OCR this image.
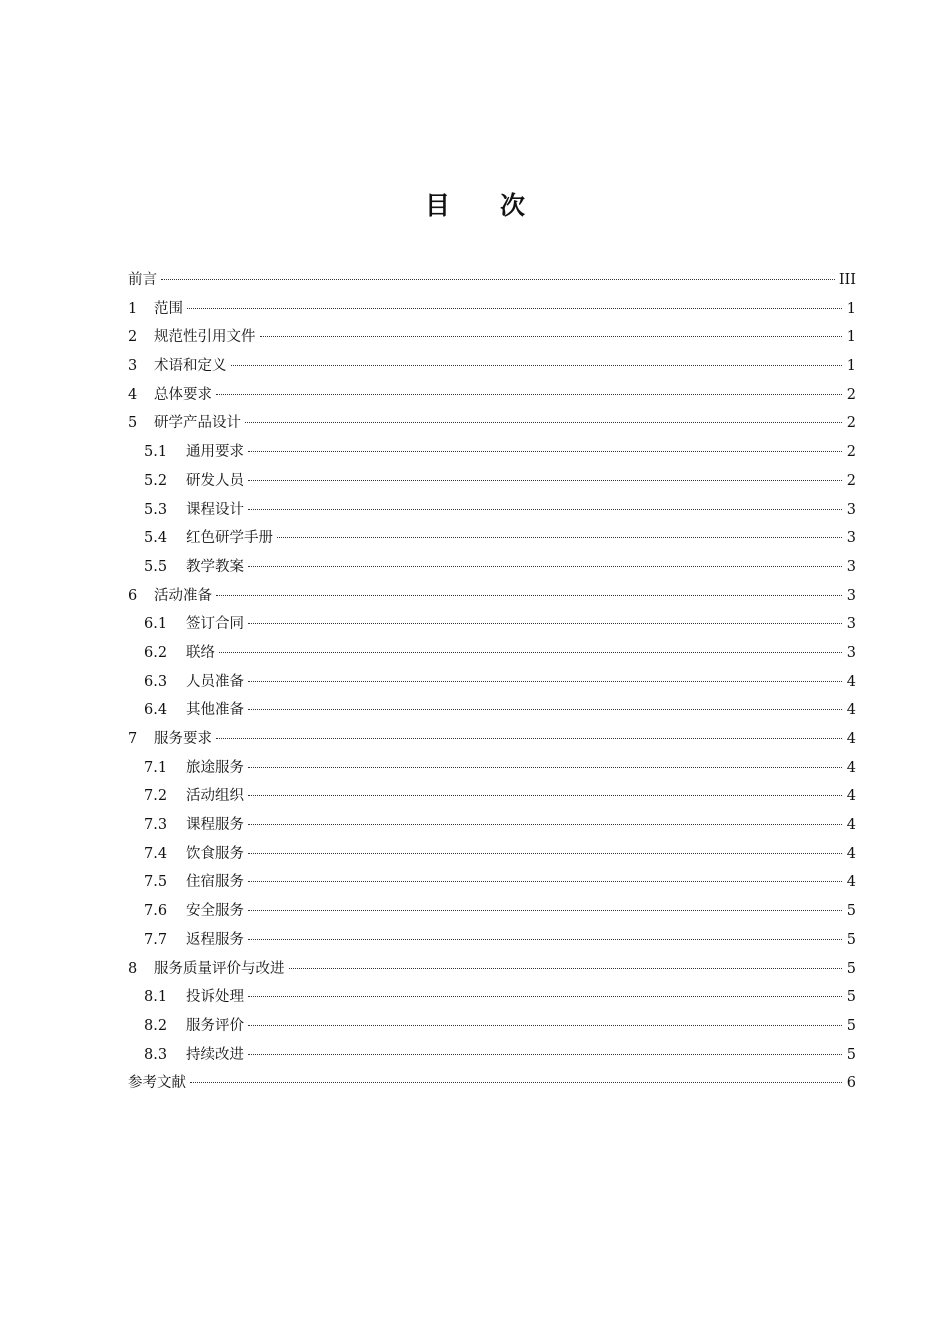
目　　次
前言	III
1	范围	1
2	规范性引用文件	1
3	术语和定义	1
4	总体要求	2
5	研学产品设计	2
5.1	通用要求	2
5.2	研发人员	2
5.3	课程设计	3
5.4	红色研学手册	3
5.5	教学教案	3
6	活动准备	3
6.1	签订合同	3
6.2	联络	3
6.3	人员准备	4
6.4	其他准备	4
7	服务要求	4
7.1	旅途服务	4
7.2	活动组织	4
7.3	课程服务	4
7.4	饮食服务	4
7.5	住宿服务	4
7.6	安全服务	5
7.7	返程服务	5
8	服务质量评价与改进	5
8.1	投诉处理	5
8.2	服务评价	5
8.3	持续改进	5
参考文献	6
